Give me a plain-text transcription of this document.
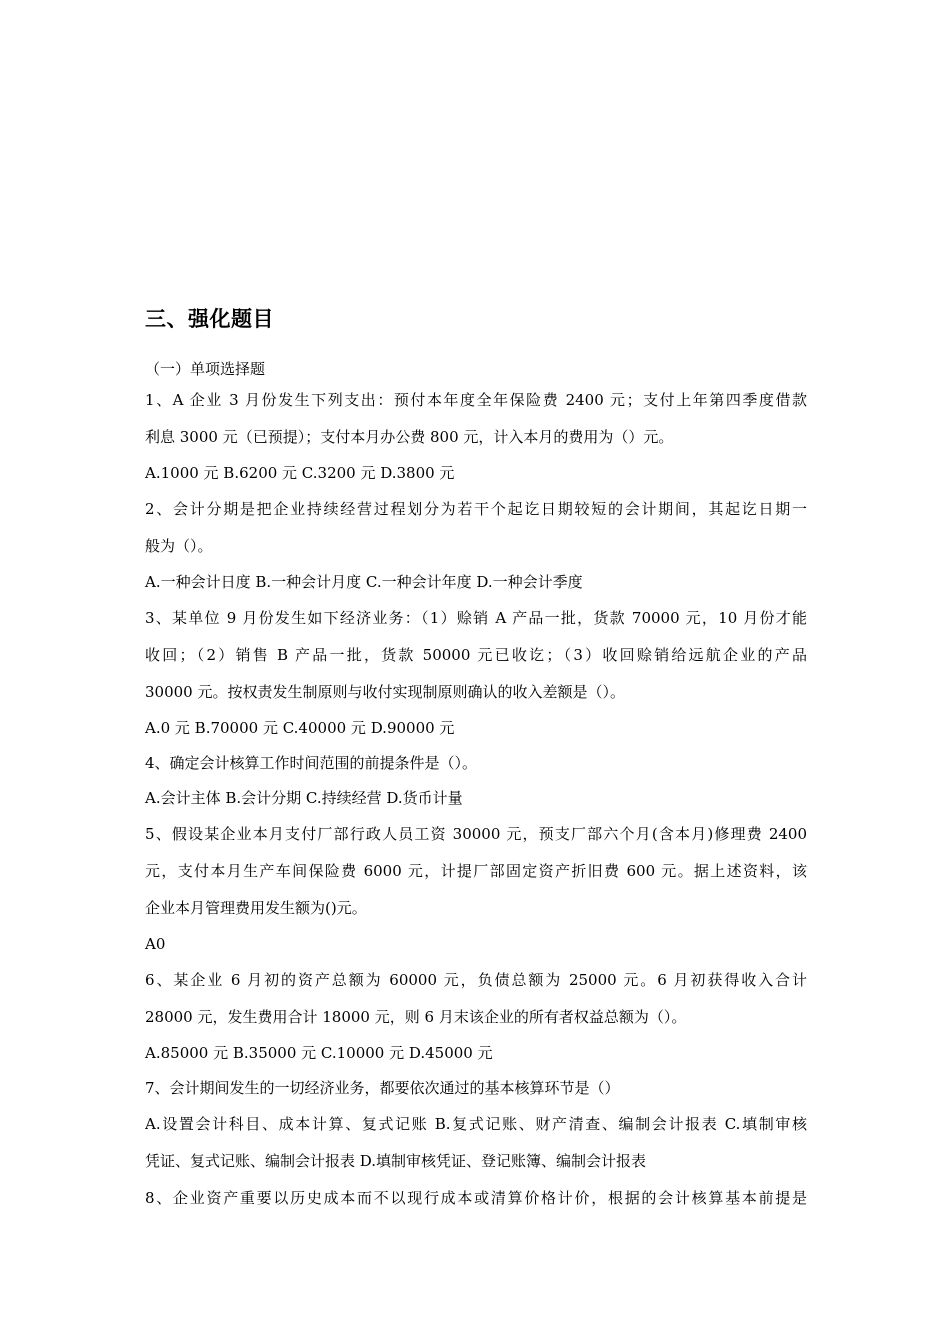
三、强化题目
（一）单项选择题
1、A 企业 3 月份发生下列支出：预付本年度全年保险费 2400 元；支付上年第四季度借款
利息 3000 元（已预提）；支付本月办公费 800 元，计入本月的费用为（）元。
A.1000 元 B.6200 元 C.3200 元 D.3800 元
2、会计分期是把企业持续经营过程划分为若干个起讫日期较短的会计期间，其起讫日期一
般为（）。
A.一种会计日度 B.一种会计月度 C.一种会计年度 D.一种会计季度
3、某单位 9 月份发生如下经济业务：（1）赊销 A 产品一批，货款 70000 元，10 月份才能
收回；（2）销售 B 产品一批，货款 50000 元已收讫；（3）收回赊销给远航企业的产品
30000 元。按权责发生制原则与收付实现制原则确认的收入差额是（）。
A.0 元 B.70000 元 C.40000 元 D.90000 元
4、确定会计核算工作时间范围的前提条件是（）。
A.会计主体 B.会计分期 C.持续经营 D.货币计量
5、假设某企业本月支付厂部行政人员工资 30000 元，预支厂部六个月(含本月)修理费 2400
元，支付本月生产车间保险费 6000 元，计提厂部固定资产折旧费 600 元。据上述资料，该
企业本月管理费用发生额为()元。
A0
6、某企业 6 月初的资产总额为 60000 元，负债总额为 25000 元。6 月初获得收入合计
28000 元，发生费用合计 18000 元，则 6 月末该企业的所有者权益总额为（）。
A.85000 元 B.35000 元 C.10000 元 D.45000 元
7、会计期间发生的一切经济业务，都要依次通过的基本核算环节是（）
A.设置会计科目、成本计算、复式记账 B.复式记账、财产清查、编制会计报表 C.填制审核
凭证、复式记账、编制会计报表 D.填制审核凭证、登记账簿、编制会计报表
8、企业资产重要以历史成本而不以现行成本或清算价格计价，根据的会计核算基本前提是
